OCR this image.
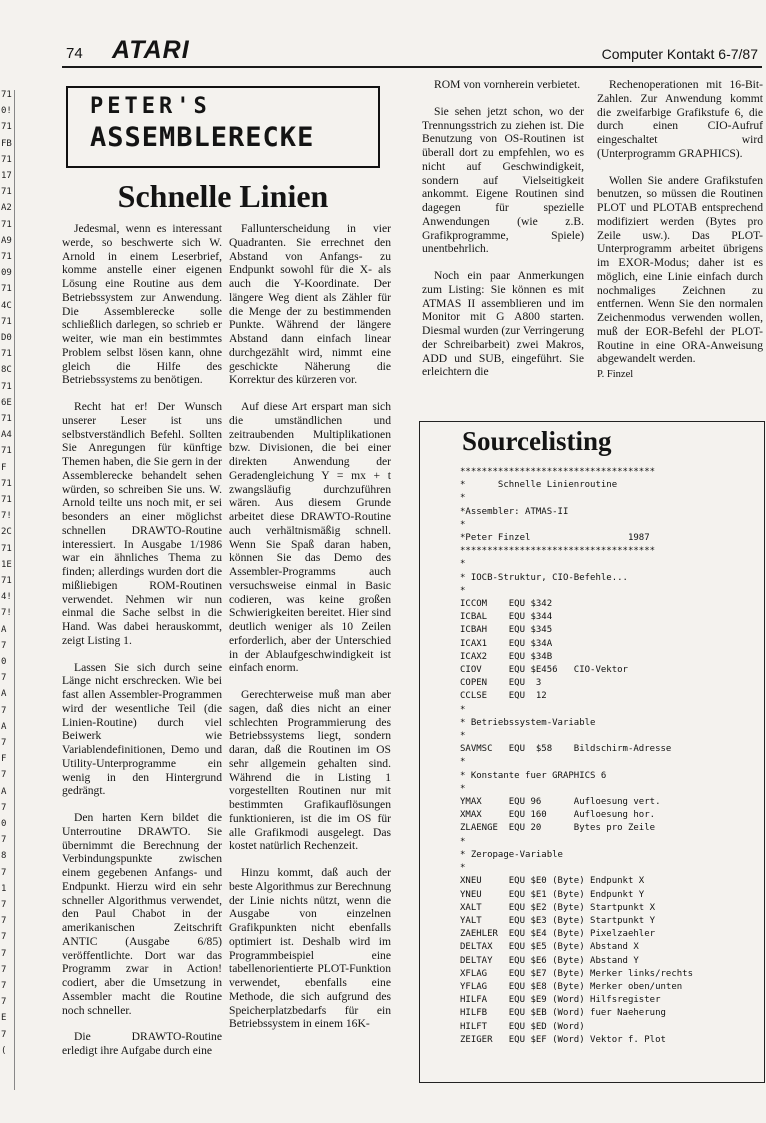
71
0!
71
FB
71
17
71
A2
71
A9
71
09
71
4C
71
D0
71
8C
71
6E
71
A4
71
F
71
71
7!
2C
71
1E
71
4!
7!
A
7
0
7
A
7
A
7
F
7
A
7
0
7
8
7
1
7
7
7
7
7
7
7
E
7
(
74 ATARI	Computer Kontakt 6-7/87
PETER'S
ASSEMBLERECKE
Schnelle Linien

Jedesmal, wenn es interessant werde, so beschwerte sich W. Arnold in einem Leserbrief, komme anstelle einer eigenen Lösung eine Routine aus dem Betriebssystem zur Anwendung. Die Assemblerecke solle schließlich darlegen, so schrieb er weiter, wie man ein bestimmtes Problem selbst lösen kann, ohne gleich die Hilfe des Betriebssystems zu benötigen.

Recht hat er! Der Wunsch unserer Leser ist uns selbstverständlich Befehl. Sollten Sie Anregungen für künftige Themen haben, die Sie gern in der Assemblerecke behandelt sehen würden, so schreiben Sie uns. W. Arnold teilte uns noch mit, er sei besonders an einer möglichst schnellen DRAWTO-Routine interessiert. In Ausgabe 1/1986 war ein ähnliches Thema zu finden; allerdings wurden dort die mißliebigen ROM-Routinen verwendet. Nehmen wir nun einmal die Sache selbst in die Hand. Was dabei herauskommt, zeigt Listing 1.

Lassen Sie sich durch seine Länge nicht erschrecken. Wie bei fast allen Assembler-Programmen wird der wesentliche Teil (die Linien-Routine) durch viel Beiwerk wie Variablendefinitionen, Demo und Utility-Unterprogramme ein wenig in den Hintergrund gedrängt.

Den harten Kern bildet die Unterroutine DRAWTO. Sie übernimmt die Berechnung der Verbindungspunkte zwischen einem gegebenen Anfangs- und Endpunkt. Hierzu wird ein sehr schneller Algorithmus verwendet, den Paul Chabot in der amerikanischen Zeitschrift ANTIC (Ausgabe 6/85) veröffentlichte. Dort war das Programm zwar in Action! codiert, aber die Umsetzung in Assembler macht die Routine noch schneller.

Die DRAWTO-Routine erledigt ihre Aufgabe durch eine

Fallunterscheidung in vier Quadranten. Sie errechnet den Abstand von Anfangs- zu Endpunkt sowohl für die X- als auch die Y-Koordinate. Der längere Weg dient als Zähler für die Menge der zu bestimmenden Punkte. Während der längere Abstand dann einfach linear durchgezählt wird, nimmt eine geschickte Näherung die Korrektur des kürzeren vor.

Auf diese Art erspart man sich die umständlichen und zeitraubenden Multiplikationen bzw. Divisionen, die bei einer direkten Anwendung der Geradengleichung Y = mx + t zwangsläufig durchzuführen wären. Aus diesem Grunde arbeitet diese DRAWTO-Routine auch verhältnismäßig schnell. Wenn Sie Spaß daran haben, können Sie das Demo des Assembler-Programms auch versuchsweise einmal in Basic codieren, was keine großen Schwierigkeiten bereitet. Hier sind deutlich weniger als 10 Zeilen erforderlich, aber der Unterschied in der Ablaufgeschwindigkeit ist einfach enorm.

Gerechterweise muß man aber sagen, daß dies nicht an einer schlechten Programmierung des Betriebssystems liegt, sondern daran, daß die Routinen im OS sehr allgemein gehalten sind. Während die in Listing 1 vorgestellten Routinen nur mit bestimmten Grafikauflösungen funktionieren, ist die im OS für alle Grafikmodi ausgelegt. Das kostet natürlich Rechenzeit.

Hinzu kommt, daß auch der beste Algorithmus zur Berechnung der Linie nichts nützt, wenn die Ausgabe von einzelnen Grafikpunkten nicht ebenfalls optimiert ist. Deshalb wird im Programmbeispiel eine tabellenorientierte PLOT-Funktion verwendet, ebenfalls eine Methode, die sich aufgrund des Speicherplatzbedarfs für ein Betriebssystem in einem 16K-

ROM von vornherein verbietet.

Sie sehen jetzt schon, wo der Trennungsstrich zu ziehen ist. Die Benutzung von OS-Routinen ist überall dort zu empfehlen, wo es nicht auf Geschwindigkeit, sondern auf Vielseitigkeit ankommt. Eigene Routinen sind dagegen für spezielle Anwendungen (wie z.B. Grafikprogramme, Spiele) unentbehrlich.

Noch ein paar Anmerkungen zum Listing: Sie können es mit ATMAS II assemblieren und im Monitor mit G A800 starten. Diesmal wurden (zur Verringerung der Schreibarbeit) zwei Makros, ADD und SUB, eingeführt. Sie erleichtern die

Rechenoperationen mit 16-Bit-Zahlen. Zur Anwendung kommt die zweifarbige Grafikstufe 6, die durch einen CIO-Aufruf eingeschaltet wird (Unterprogramm GRAPHICS).

Wollen Sie andere Grafikstufen benutzen, so müssen die Routinen PLOT und PLOTAB entsprechend modifiziert werden (Bytes pro Zeile usw.). Das PLOT-Unterprogramm arbeitet übrigens im EXOR-Modus; daher ist es möglich, eine Linie einfach durch nochmaliges Zeichnen zu entfernen. Wenn Sie den normalen Zeichenmodus verwenden wollen, muß der EOR-Befehl der PLOT-Routine in eine ORA-Anweisung abgewandelt werden.

P. Finzel
Sourcelisting
************************************
*      Schnelle Linienroutine
*
*Assembler: ATMAS-II
*
*Peter Finzel                  1987
************************************
*
* IOCB-Struktur, CIO-Befehle...
*
ICCOM    EQU $342
ICBAL    EQU $344
ICBAH    EQU $345
ICAX1    EQU $34A
ICAX2    EQU $34B
CIOV     EQU $E456   CIO-Vektor
COPEN    EQU  3
CCLSE    EQU  12
*
* Betriebssystem-Variable
*
SAVMSC   EQU  $58    Bildschirm-Adresse
*
* Konstante fuer GRAPHICS 6
*
YMAX     EQU 96      Aufloesung vert.
XMAX     EQU 160     Aufloesung hor.
ZLAENGE  EQU 20      Bytes pro Zeile
*
* Zeropage-Variable
*
XNEU     EQU $E0 (Byte) Endpunkt X
YNEU     EQU $E1 (Byte) Endpunkt Y
XALT     EQU $E2 (Byte) Startpunkt X
YALT     EQU $E3 (Byte) Startpunkt Y
ZAEHLER  EQU $E4 (Byte) Pixelzaehler
DELTAX   EQU $E5 (Byte) Abstand X
DELTAY   EQU $E6 (Byte) Abstand Y
XFLAG    EQU $E7 (Byte) Merker links/rechts
YFLAG    EQU $E8 (Byte) Merker oben/unten
HILFA    EQU $E9 (Word) Hilfsregister
HILFB    EQU $EB (Word) fuer Naeherung
HILFT    EQU $ED (Word)
ZEIGER   EQU $EF (Word) Vektor f. Plot
